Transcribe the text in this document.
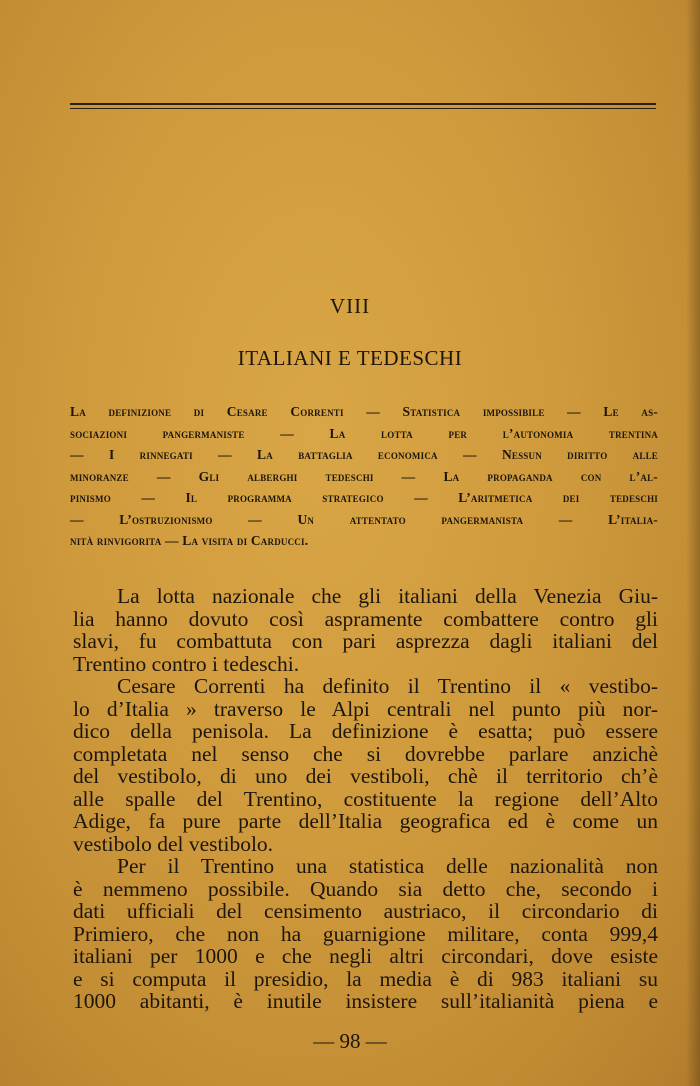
VIII
ITALIANI E TEDESCHI
La definizione di Cesare Correnti — Statistica impossibile — Le as-
sociazioni pangermaniste — La lotta per l’autonomia trentina
— I rinnegati — La battaglia economica — Nessun diritto alle
minoranze — Gli alberghi tedeschi — La propaganda con l’al-
pinismo — Il programma strategico — L’aritmetica dei tedeschi
— L’ostruzionismo — Un attentato pangermanista — L’italia-
nità rinvigorita — La visita di Carducci.
La lotta nazionale che gli italiani della Venezia Giu-
lia hanno dovuto così aspramente combattere contro gli
slavi, fu combattuta con pari asprezza dagli italiani del
Trentino contro i tedeschi.
Cesare Correnti ha definito il Trentino il « vestibo-
lo d’Italia » traverso le Alpi centrali nel punto più nor-
dico della penisola. La definizione è esatta; può essere
completata nel senso che si dovrebbe parlare anzichè
del vestibolo, di uno dei vestiboli, chè il territorio ch’è
alle spalle del Trentino, costituente la regione dell’Alto
Adige, fa pure parte dell’Italia geografica ed è come un
vestibolo del vestibolo.
Per il Trentino una statistica delle nazionalità non
è nemmeno possibile. Quando sia detto che, secondo i
dati ufficiali del censimento austriaco, il circondario di
Primiero, che non ha guarnigione militare, conta 999,4
italiani per 1000 e che negli altri circondari, dove esiste
e si computa il presidio, la media è di 983 italiani su
1000 abitanti, è inutile insistere sull’italianità piena e
— 98 —
